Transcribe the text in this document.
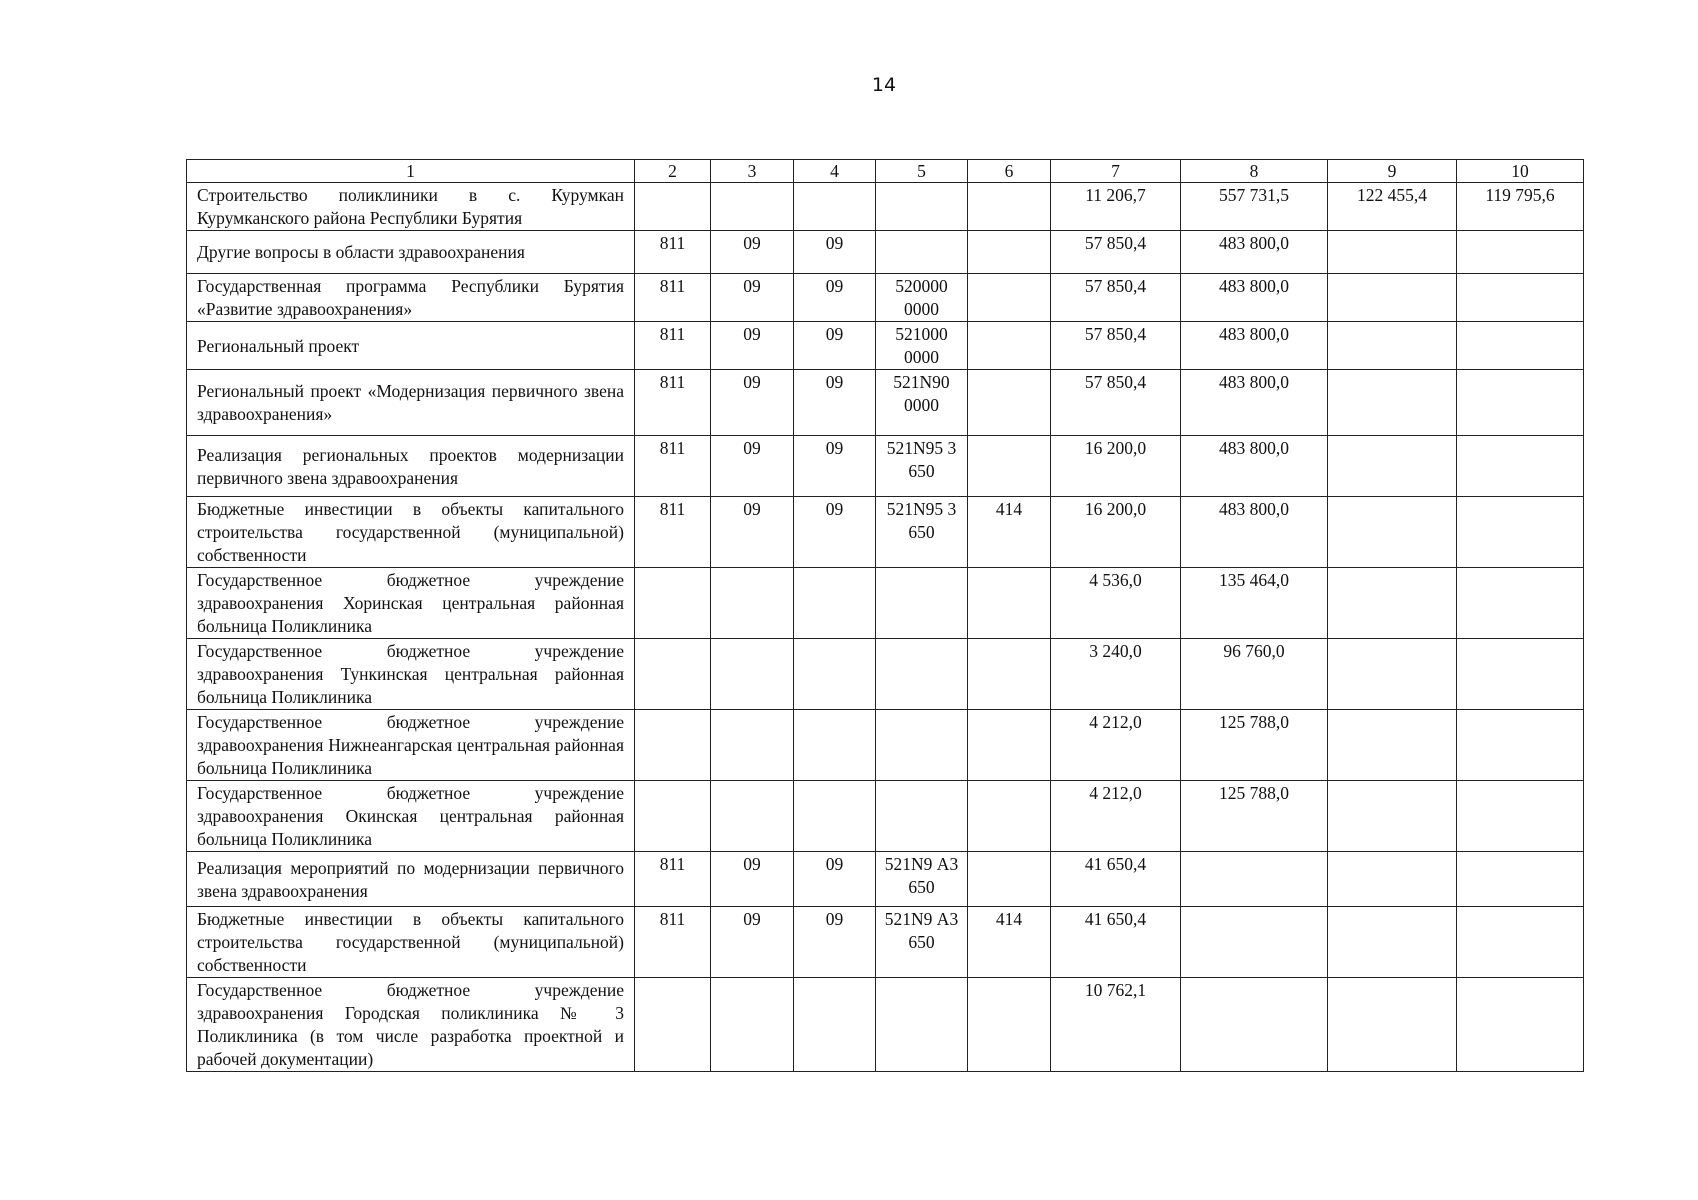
14
1	2	3	4	5	6	7	8	9	10
Строительство поликлиники в с. Курумкан Курумканского района Республики Бурятия						11 206,7	557 731,5	122 455,4	119 795,6
Другие вопросы в области здравоохранения	811	09	09			57 850,4	483 800,0		
Государственная программа Республики Бурятия «Развитие здравоохранения»	811	09	09	520000 0000		57 850,4	483 800,0		
Региональный проект	811	09	09	521000 0000		57 850,4	483 800,0		
Региональный проект «Модернизация первичного звена здравоохранения»	811	09	09	521N90 0000		57 850,4	483 800,0		
Реализация региональных проектов модернизации первичного звена здравоохранения	811	09	09	521N95 3 650		16 200,0	483 800,0		
Бюджетные инвестиции в объекты капитального строительства государственной (муниципальной) собственности	811	09	09	521N95 3 650	414	16 200,0	483 800,0		
Государственное бюджетное учреждение здравоохранения Хоринская центральная районная больница Поликлиника						4 536,0	135 464,0		
Государственное бюджетное учреждение здравоохранения Тункинская центральная районная больница Поликлиника						3 240,0	96 760,0		
Государственное бюджетное учреждение здравоохранения Нижнеангарская центральная районная больница Поликлиника						4 212,0	125 788,0		
Государственное бюджетное учреждение здравоохранения Окинская центральная районная больница Поликлиника						4 212,0	125 788,0		
Реализация мероприятий по модернизации первичного звена здравоохранения	811	09	09	521N9 А3 650		41 650,4			
Бюджетные инвестиции в объекты капитального строительства государственной (муниципальной) собственности	811	09	09	521N9 А3 650	414	41 650,4			
Государственное бюджетное учреждение здравоохранения Городская поликлиника № 3 Поликлиника (в том числе разработка проектной и рабочей документации)						10 762,1			
